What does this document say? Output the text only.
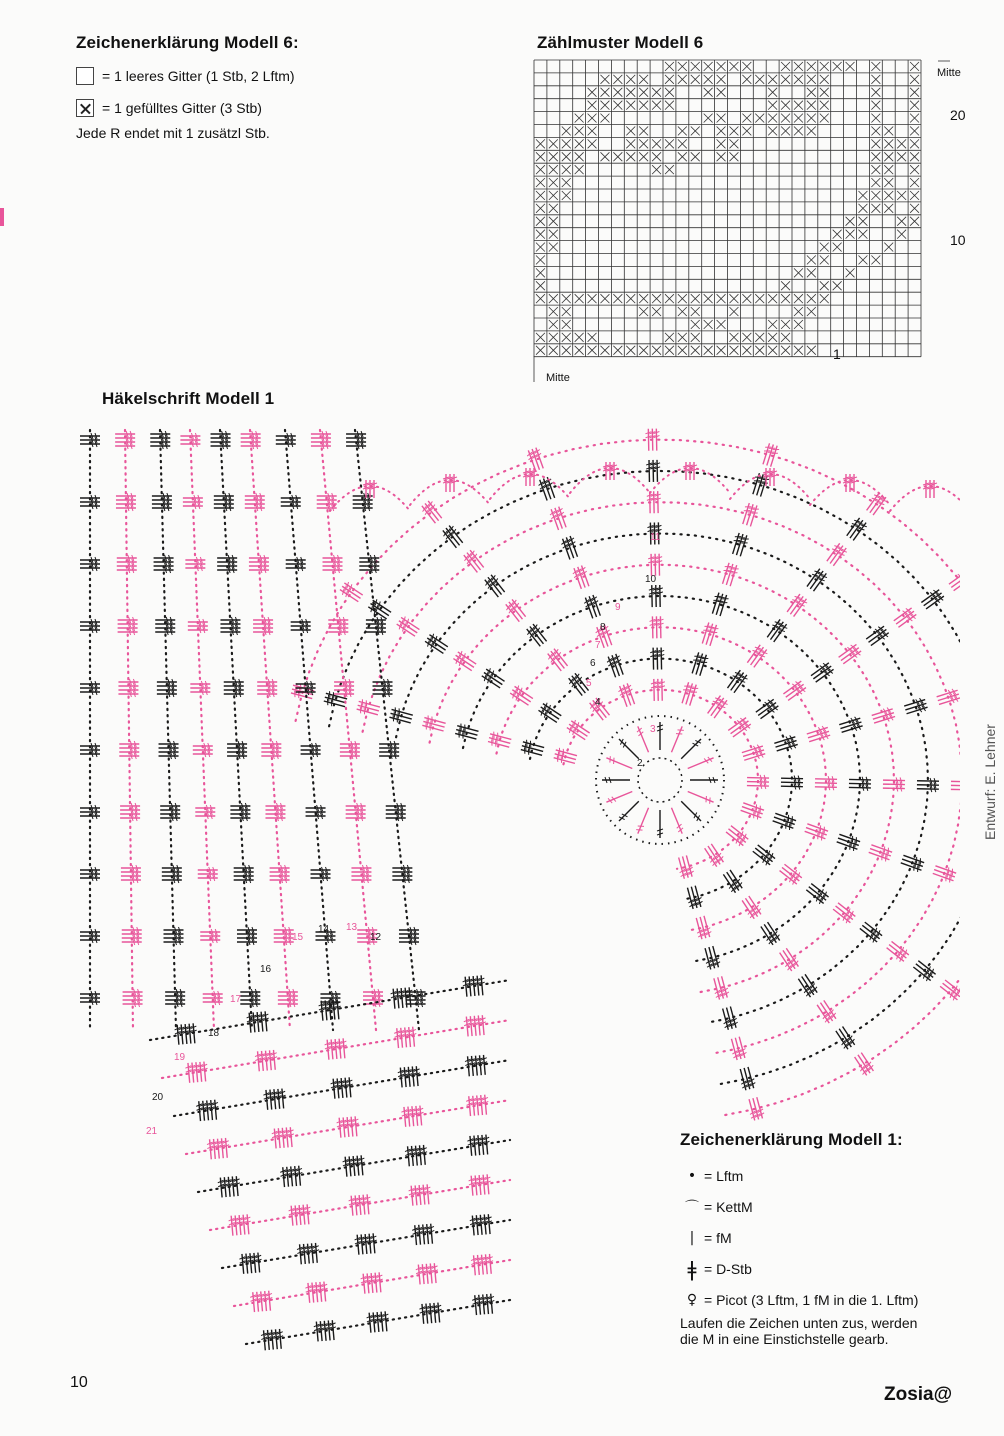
Zeichenerklärung Modell 6:
= 1 leeres Gitter (1 Stb, 2 Lftm)
= 1 gefülltes Gitter (3 Stb)
Jede R endet mit 1 zusätzl Stb.
Zählmuster Modell 6
Mitte
20
10
1
Mitte
Häkelschrift Modell 1
2
3
4
5
6
7
8
9
10
11
12
13
14
15
16
17
18
19
20
21	Zeichenerklärung Modell 1:
• = Lftm
⌒ = KettM
| = fM
ǂ = D-Stb
♀ = Picot (3 Lftm, 1 fM in die 1. Lftm)
Laufen die Zeichen unten zus, werden
die M in eine Einstichstelle gearb.
Entwurf: E. Lehner
10
Zosia@
